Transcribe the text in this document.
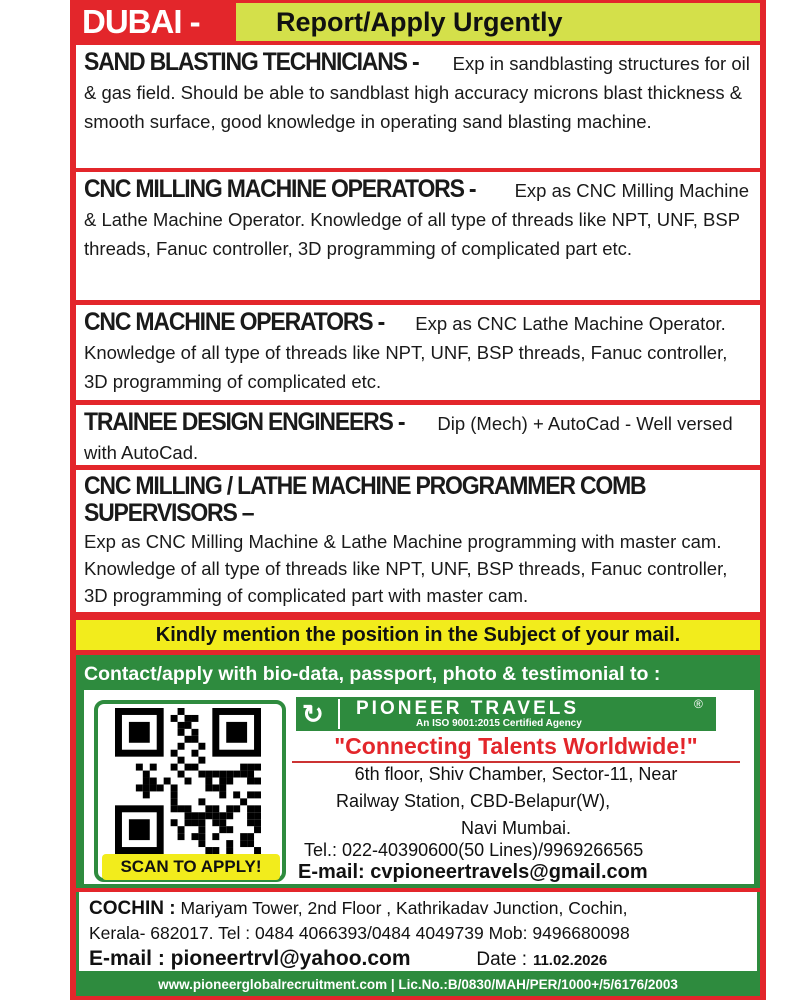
DUBAI -	Report/Apply Urgently
SAND BLASTING TECHNICIANS - Exp in sandblasting structures for oil & gas field. Should be able to sandblast high accuracy microns blast thickness & smooth surface, good knowledge in operating sand blasting machine.
CNC MILLING MACHINE OPERATORS - Exp as CNC Milling Machine & Lathe Machine Operator. Knowledge of all type of threads like NPT, UNF, BSP threads, Fanuc controller, 3D programming of complicated part etc.
CNC MACHINE OPERATORS - Exp as CNC Lathe Machine Operator. Knowledge of all type of threads like NPT, UNF, BSP threads, Fanuc controller, 3D programming of complicated etc.
TRAINEE DESIGN ENGINEERS - Dip (Mech) + AutoCad - Well versed with AutoCad.
CNC MILLING / LATHE MACHINE PROGRAMMER COMB SUPERVISORS – Exp as CNC Milling Machine & Lathe Machine programming with master cam. Knowledge of all type of threads like NPT, UNF, BSP threads, Fanuc controller, 3D programming of complicated part with master cam.
Kindly mention the position in the Subject of your mail.
Contact/apply with bio-data, passport, photo & testimonial to :
SCAN TO APPLY!
↻ PIONEER TRAVELS	®
An ISO 9001:2015 Certified Agency
"Connecting Talents Worldwide!"
6th floor, Shiv Chamber, Sector-11, Near
Railway Station, CBD-Belapur(W),
Navi Mumbai.
Tel.: 022-40390600(50 Lines)/9969266565
E-mail: cvpioneertravels@gmail.com
COCHIN : Mariyam Tower, 2nd Floor , Kathrikadav Junction, Cochin,
Kerala- 682017. Tel : 0484 4066393/0484 4049739 Mob: 9496680098
E-mail : pioneertrvl@yahoo.com	Date : 11.02.2026
www.pioneerglobalrecruitment.com | Lic.No.:B/0830/MAH/PER/1000+/5/6176/2003
